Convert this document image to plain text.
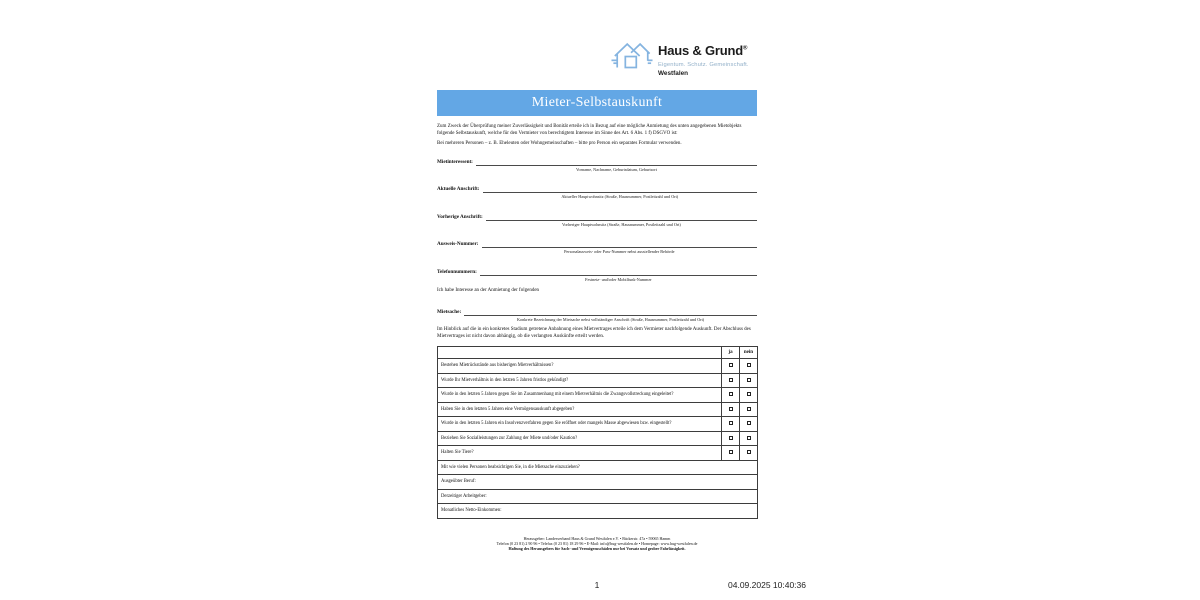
Haus & Grund®
Eigentum. Schutz. Gemeinschaft.
Westfalen
Mieter-Selbstauskunft

Zum Zweck der Überprüfung meiner Zuverlässigkeit und Bonität erteile ich in Bezug auf eine mögliche Anmietung des unten angegebenen Mietobjekts folgende Selbstauskunft, welche für den Vermieter von berechtigtem Interesse im Sinne des Art. 6 Abs. 1 f) DSGVO ist:

Bei mehreren Personen – z. B. Eheleuten oder Wohngemeinschaften – bitte pro Person ein separates Formular verwenden.

Mietinteressent:
Vorname, Nachname, Geburtsdatum, Geburtsort
Aktuelle Anschrift:
Aktueller Hauptwohnsitz (Straße, Hausnummer, Postleitzahl und Ort)
Vorherige Anschrift:
Vorheriger Hauptwohnsitz (Straße, Hausnummer, Postleitzahl und Ort)
Ausweis-Nummer:
Personalausweis- oder Pass-Nummer nebst ausstellender Behörde
Telefonnummern:
Festnetz- und/oder Mobilfunk-Nummer
Ich habe Interesse an der Anmietung der folgenden
Mietsache:
Konkrete Bezeichnung der Mietsache nebst vollständiger Anschrift (Straße, Hausnummer, Postleitzahl und Ort)
Im Hinblick auf die in ein konkretes Stadium getretene Anbahnung eines Mietvertrages erteile ich dem Vermieter nachfolgende Auskunft. Der Abschluss des Mietvertrages ist nicht davon abhängig, ob die verlangten Auskünfte erteilt werden.
	ja	nein
Bestehen Mietrückstände aus bisherigen Mietverhältnissen?		
Wurde Ihr Mietverhältnis in den letzten 5 Jahren fristlos gekündigt?		
Wurde in den letzten 5 Jahren gegen Sie im Zusammenhang mit einem Mietverhältnis die Zwangsvollstreckung eingeleitet?		
Haben Sie in den letzten 5 Jahren eine Vermögensauskunft abgegeben?		
Wurde in den letzten 5 Jahren ein Insolvenzverfahren gegen Sie eröffnet oder mangels Masse abgewiesen bzw. eingestellt?		
Beziehen Sie Sozialleistungen zur Zahlung der Miete und/oder Kaution?		
Halten Sie Tiere?		
Mit wie vielen Personen beabsichtigen Sie, in die Mietsache einzuziehen?		
Ausgeübter Beruf:		
Derzeitiger Arbeitgeber:		
Monatliches Netto-Einkommen:		
Herausgeber: Landesverband Haus & Grund Westfalen e.V. • Bäckerstr. 47a • 59065 Hamm
Telefon (0 23 81) 2 90 96 • Telefax (0 23 81) 18 29 96 • E-Mail: info@hug-westfalen.de • Homepage: www.hug-westfalen.de
Haftung des Herausgebers für Sach- und Vermögensschäden nur bei Vorsatz und grober Fahrlässigkeit.
1	04.09.2025 10:40:36
